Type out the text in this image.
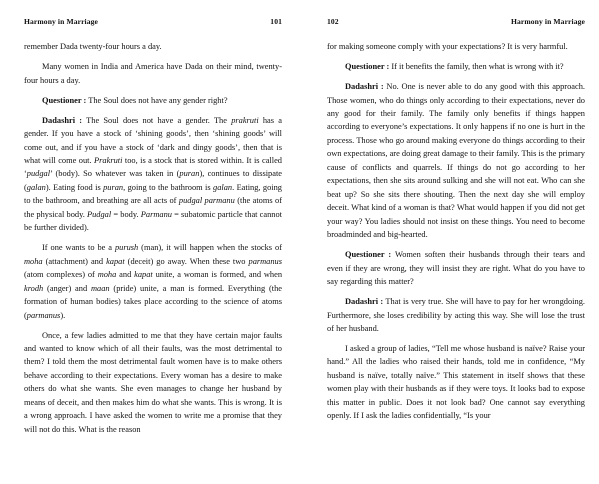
Harmony in Marriage	101

remember Dada twenty-four hours a day.

Many women in India and America have Dada on their mind, twenty-four hours a day.

Questioner : The Soul does not have any gender right?

Dadashri : The Soul does not have a gender. The prakruti has a gender. If you have a stock of ‘shining goods’, then ‘shining goods’ will come out, and if you have a stock of ‘dark and dingy goods’, then that is what will come out. Prakruti too, is a stock that is stored within. It is called ‘pudgal’ (body). So whatever was taken in (puran), continues to dissipate (galan). Eating food is puran, going to the bathroom is galan. Eating, going to the bathroom, and breathing are all acts of pudgal parmanu (the atoms of the physical body. Pudgal = body. Parmanu = subatomic particle that cannot be further divided).

If one wants to be a purush (man), it will happen when the stocks of moha (attachment) and kapat (deceit) go away. When these two parmanus (atom complexes) of moha and kapat unite, a woman is formed, and when krodh (anger) and maan (pride) unite, a man is formed. Everything (the formation of human bodies) takes place according to the science of atoms (parmanus).

Once, a few ladies admitted to me that they have certain major faults and wanted to know which of all their faults, was the most detrimental to them? I told them the most detrimental fault women have is to make others behave according to their expectations. Every woman has a desire to make others do what she wants. She even manages to change her husband by means of deceit, and then makes him do what she wants. This is wrong. It is a wrong approach. I have asked the women to write me a promise that they will not do this. What is the reason

102	Harmony in Marriage

for making someone comply with your expectations? It is very harmful.

Questioner : If it benefits the family, then what is wrong with it?

Dadashri : No. One is never able to do any good with this approach. Those women, who do things only according to their expectations, never do any good for their family. The family only benefits if things happen according to everyone’s expectations. It only happens if no one is hurt in the process. Those who go around making everyone do things according to their own expectations, are doing great damage to their family. This is the primary cause of conflicts and quarrels. If things do not go according to her expectations, then she sits around sulking and she will not eat. Who can she beat up? So she sits there shouting. Then the next day she will employ deceit. What kind of a woman is that? What would happen if you did not get your way? You ladies should not insist on these things. You need to become broadminded and big-hearted.

Questioner : Women soften their husbands through their tears and even if they are wrong, they will insist they are right. What do you have to say regarding this matter?

Dadashri : That is very true. She will have to pay for her wrongdoing. Furthermore, she loses credibility by acting this way. She will lose the trust of her husband.

I asked a group of ladies, “Tell me whose husband is naïve? Raise your hand.” All the ladies who raised their hands, told me in confidence, “My husband is naïve, totally naïve.” This statement in itself shows that these women play with their husbands as if they were toys. It looks bad to expose this matter in public. Does it not look bad? One cannot say everything openly. If I ask the ladies confidentially, “Is your
